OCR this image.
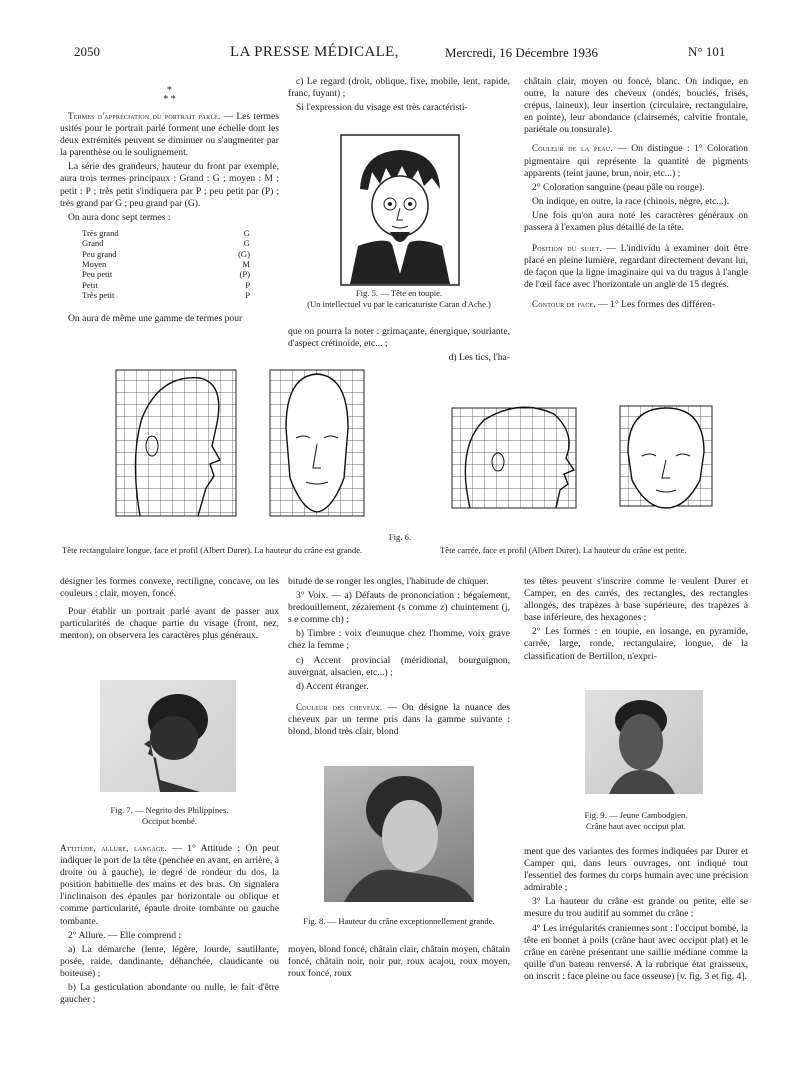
2050	LA PRESSE MÉDICALE,	Mercredi, 16 Décembre 1936	N° 101
*
* *

Termes d'appréciation du portrait parlé. — Les termes usités pour le portrait parlé forment une échelle dont les deux extrémités peuvent se diminuer ou s'augmenter par la parenthèse ou le soulignement.

La série des grandeurs, hauteur du front par exemple, aura trois termes principaux : Grand : G ; moyen : M ; petit : P ; très petit s'indiquera par P ; peu petit par (P) ; très grand par G ; peu grand par (G).

On aura donc sept termes :

Très grand	G
Grand	G
Peu grand	(G)
Moyen	M
Peu petit	(P)
Petit	P
Très petit	P

On aura de même une gamme de termes pour

c) Le regard (droit, oblique, fixe, mobile, lent, rapide, franc, fuyant) ;

Si l'expression du visage est très caractéristi-

Fig. 5. — Tête en toupie.
(Un intellectuel vu par le caricaturiste Caran d'Ache.)

que on pourra la noter : grimaçante, énergique, souriante, d'aspect crétinoïde, etc... ;

d) Les tics, l'ha-

châtain clair, moyen ou foncé, blanc. On indique, en outre, la nature des cheveux (ondés, bouclés, frisés, crépus, laineux), leur insertion (circulaire, rectangulaire, en pointe), leur abondance (clairsemés, calvitie frontale, pariétale ou tonsurale).

Couleur de la peau. — On distingue : 1° Coloration pigmentaire qui représente la quantité de pigments apparents (teint jaune, brun, noir, etc...) ;

2° Coloration sanguine (peau pâle ou rouge).

On indique, en outre, la race (chinois, nègre, etc...).

Une fois qu'on aura noté les caractères généraux on passera à l'examen plus détaillé de la tête.

Position du sujet. — L'individu à examiner doit être placé en pleine lumière, regardant directement devant lui, de façon que la ligne imaginaire qui va du tragus à l'angle de l'œil face avec l'horizontale un angle de 15 degrés.

Contour de face. — 1° Les formes des différen-

Fig. 6.
Tête rectangulaire longue, face et profil (Albert Durer). La hauteur du crâne est grande.	Tête carrée, face et profil (Albert Durer). La hauteur du crâne est petite.

désigner les formes convexe, rectiligne, concave, ou les couleurs : clair, moyen, foncé.

Pour établir un portrait parlé avant de passer aux particularités de chaque partie du visage (front, nez, menton), on observera les caractères plus généraux.

Fig. 7. — Negrito des Philippines.
Occiput bombé.

Attitude, allure, langage. — 1° Attitude : On peut indiquer le port de la tête (penchée en avant, en arrière, à droite ou à gauche), le degré de rondeur du dos, la position habituelle des mains et des bras. On signalera l'inclinaison des épaules par horizontale ou oblique et comme particularité, épaule droite tombante ou gauche tombante.

2° Allure. — Elle comprend :

a) La démarche (lente, légère, lourde, sautillante, posée, raide, dandinante, déhanchée, claudicante ou boiteuse) ;

b) La gesticulation abondante ou nulle, le fait d'être gaucher ;

bitude de se ronger les ongles, l'habitude de chiquer.

3° Voix. — a) Défauts de prononciation : bégaiement, bredouillement, zézaiement (s comme z) chuintement (j, s e comme ch) ;

b) Timbre : voix d'eunuque chez l'homme, voix grave chez la femme ;

c) Accent provincial (méridional, bourguignon, auvergnat, alsacien, etc...) ;

d) Accent étranger.

Couleur des cheveux. — On désigne la nuance des cheveux par un terme pris dans la gamme suivante : blond, blond très clair, blond

Fig. 8. — Hauteur du crâne exceptionnellement grande.

moyen, blond foncé, châtain clair, châtain moyen, châtain foncé, châtain noir, noir pur, roux acajou, roux moyen, roux foncé, roux

tes têtes peuvent s'inscrire comme le veulent Durer et Camper, en des carrés, des rectangles, des rectangles allongés, des trapèzes à base supérieure, des trapèzes à base inférieure, des hexagones ;

2° Les formes : en toupie, en losange, en pyramide, carrée, large, ronde, rectangulaire, longue, de la classification de Bertillon, n'expri-

Fig. 9. — Jeune Cambodgien.
Crâne haut avec occiput plat.

ment que des variantes des formes indiquées par Durer et Camper qui, dans leurs ouvrages, ont indiqué tout l'essentiel des formes du corps humain avec une précision admirable ;

3° La hauteur du crâne est grande ou petite, elle se mesure du trou auditif au sommet du crâne ;

4° Les irrégularités craniennes sont : l'occiput bombé, la tête en bonnet à poils (crâne haut avec occiput plat) et le crâne en carène présentant une saillie médiane comme la quille d'un bateau renversé. A la rubrique état graisseux, on inscrit : face pleine ou face osseuse) [v. fig. 3 et fig. 4].
